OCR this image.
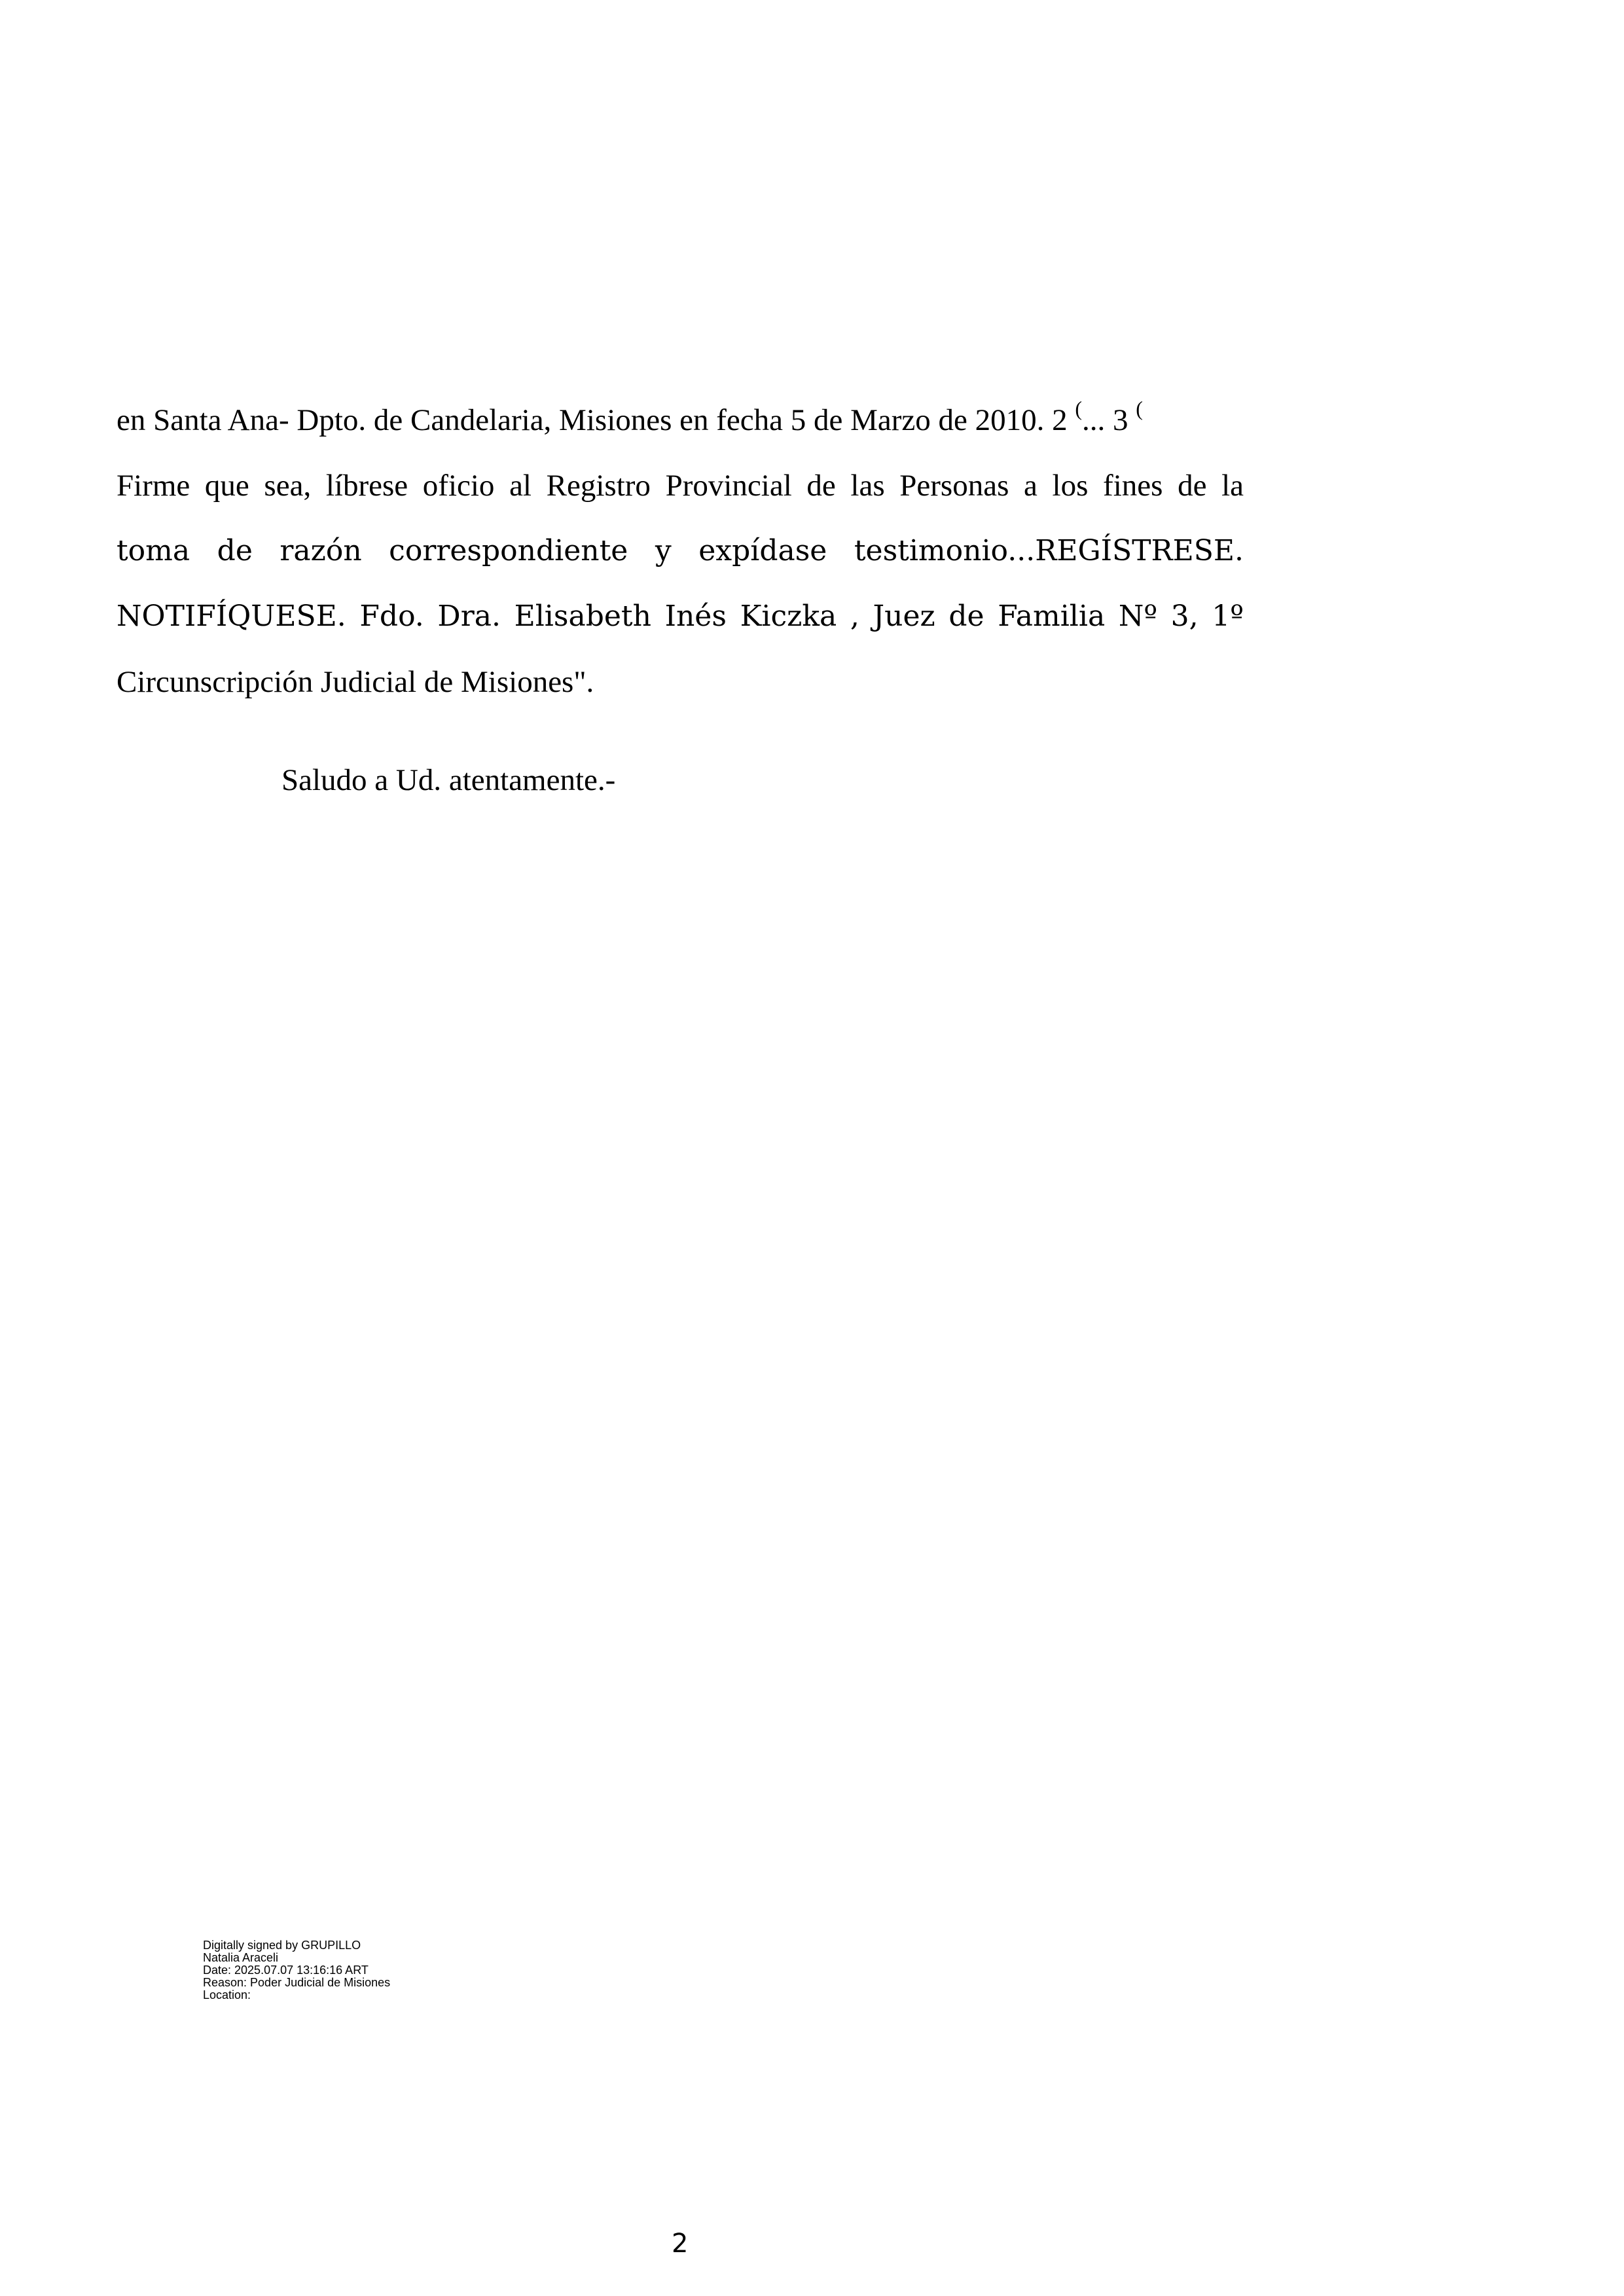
en Santa Ana- Dpto. de Candelaria, Misiones en fecha 5 de Marzo de 2010. 2 (... 3 (
Firme que sea, líbrese oficio al Registro Provincial de las Personas a los fines de la
toma de razón correspondiente y expídase testimonio...REGÍSTRESE.
NOTIFÍQUESE. Fdo. Dra. Elisabeth Inés Kiczka , Juez de Familia Nº 3, 1º
Circunscripción Judicial de Misiones".
Saludo a Ud. atentamente.-
Digitally signed by GRUPILLO
Natalia Araceli
Date: 2025.07.07 13:16:16 ART
Reason: Poder Judicial de Misiones
Location:
2
